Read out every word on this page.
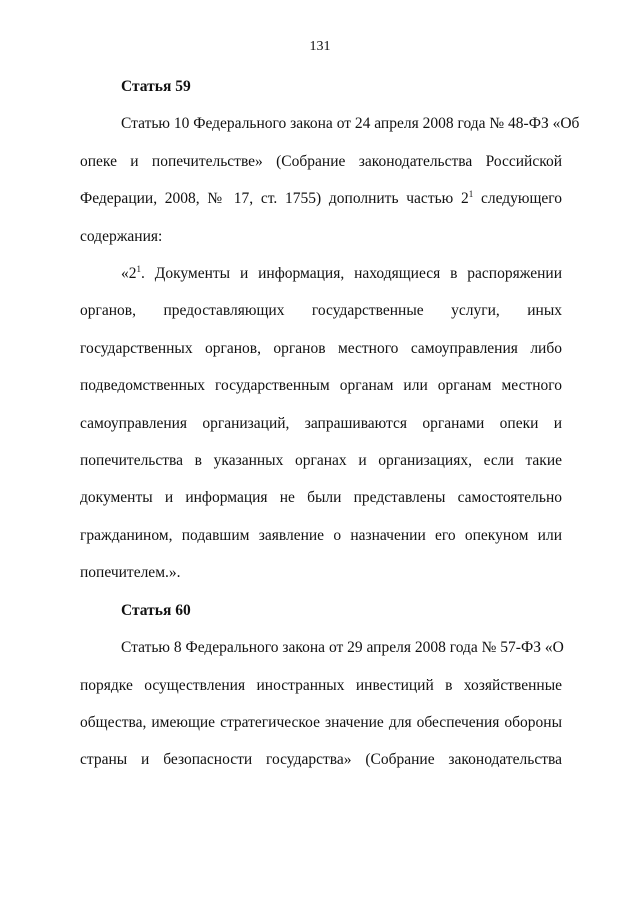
131

Статья 59

Статью 10 Федерального закона от 24 апреля 2008 года № 48-ФЗ «Об
опеке и попечительстве» (Собрание законодательства Российской
Федерации, 2008, № 17, ст. 1755) дополнить частью $2^1$ следующего
содержания:
«$2^1$. Документы и информация, находящиеся в распоряжении
органов, предоставляющих государственные услуги, иных
государственных органов, органов местного самоуправления либо
подведомственных государственным органам или органам местного
самоуправления организаций, запрашиваются органами опеки и
попечительства в указанных органах и организациях, если такие
документы и информация не были представлены самостоятельно
гражданином, подавшим заявление о назначении его опекуном или
попечителем.».

Статья 60

Статью 8 Федерального закона от 29 апреля 2008 года № 57-ФЗ «О
порядке осуществления иностранных инвестиций в хозяйственные
общества, имеющие стратегическое значение для обеспечения обороны
страны и безопасности государства» (Собрание законодательства
